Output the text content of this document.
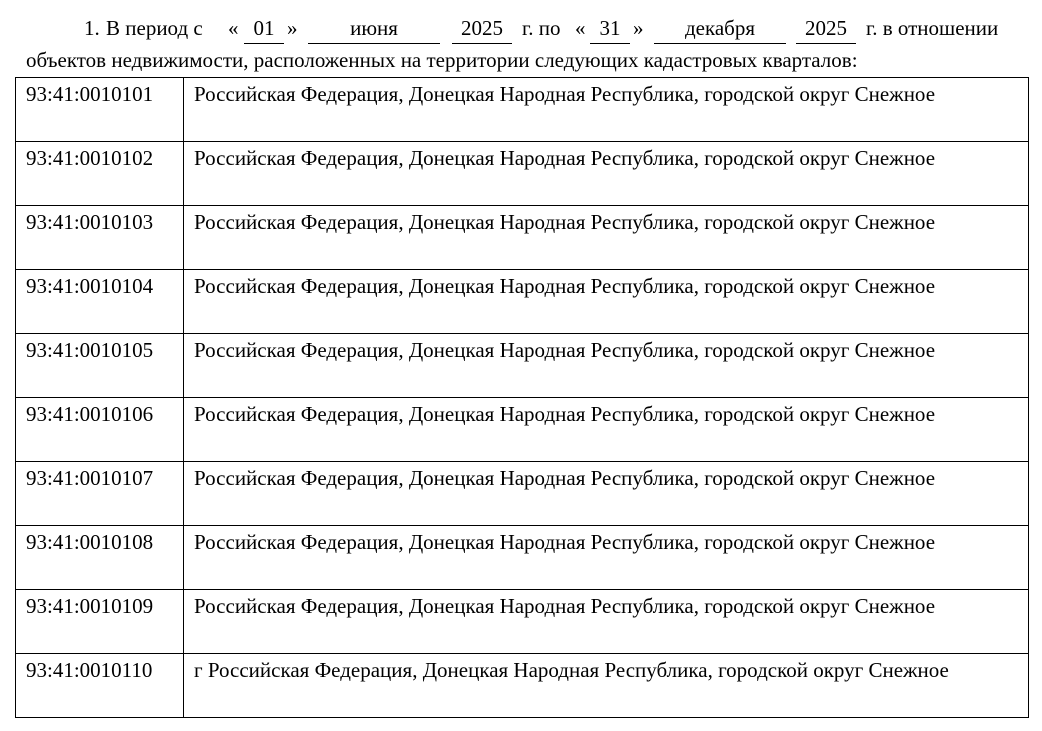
1. В период с « 01 »	июня	2025 г. по « 31 »	декабря	2025 г. в отношении
объектов недвижимости, расположенных на территории следующих кадастровых кварталов:
93:41:0010101	Российская Федерация, Донецкая Народная Республика, городской округ Снежное
93:41:0010102	Российская Федерация, Донецкая Народная Республика, городской округ Снежное
93:41:0010103	Российская Федерация, Донецкая Народная Республика, городской округ Снежное
93:41:0010104	Российская Федерация, Донецкая Народная Республика, городской округ Снежное
93:41:0010105	Российская Федерация, Донецкая Народная Республика, городской округ Снежное
93:41:0010106	Российская Федерация, Донецкая Народная Республика, городской округ Снежное
93:41:0010107	Российская Федерация, Донецкая Народная Республика, городской округ Снежное
93:41:0010108	Российская Федерация, Донецкая Народная Республика, городской округ Снежное
93:41:0010109	Российская Федерация, Донецкая Народная Республика, городской округ Снежное
93:41:0010110	г Российская Федерация, Донецкая Народная Республика, городской округ Снежное
